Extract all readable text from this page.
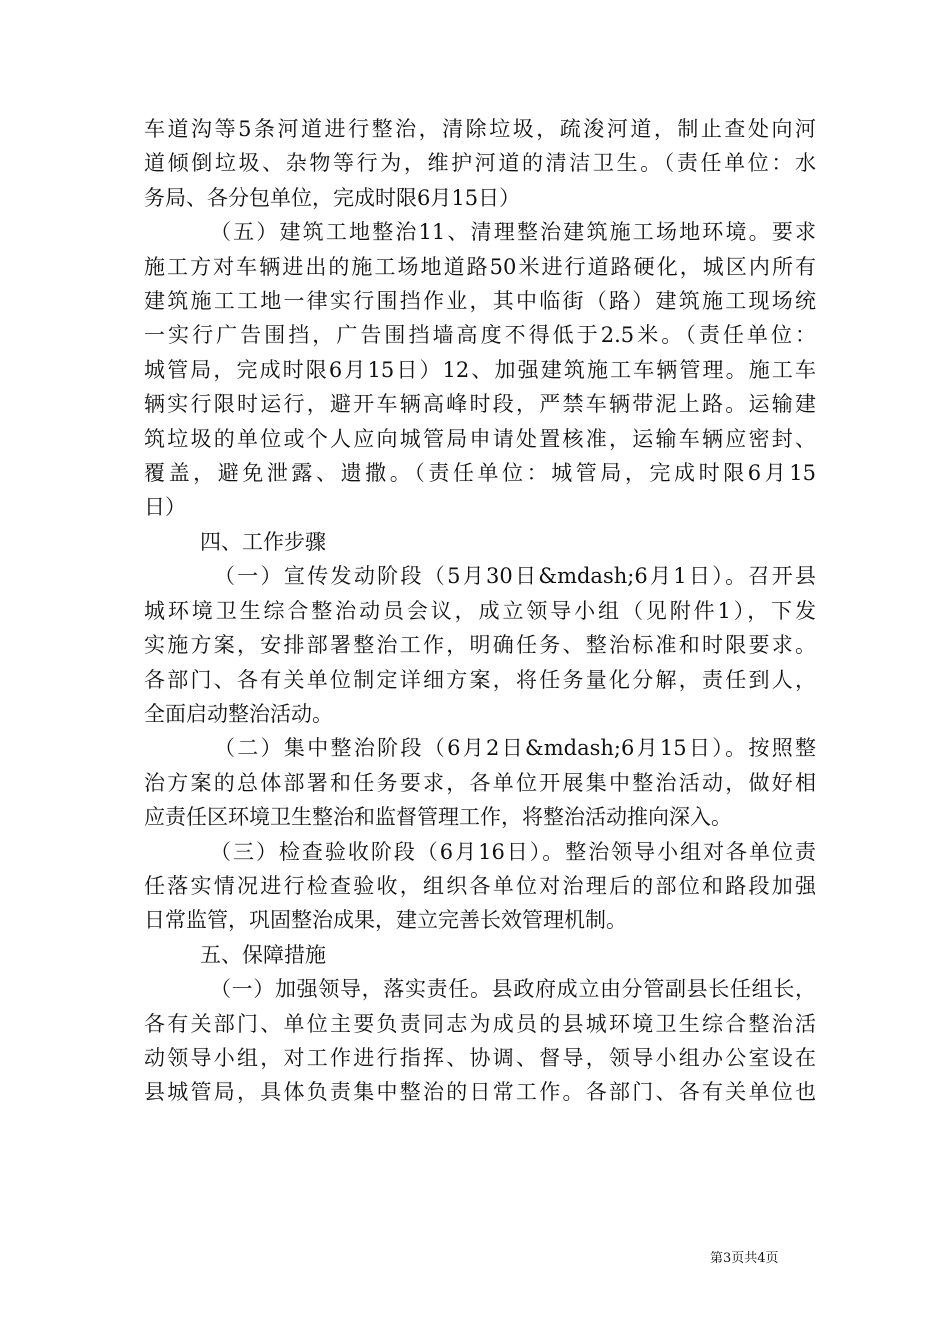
车道沟等5条河道进行整治，清除垃圾，疏浚河道，制止查处向河
道倾倒垃圾、杂物等行为，维护河道的清洁卫生。（责任单位：水
务局、各分包单位，完成时限6月15日）
（五）建筑工地整治11、清理整治建筑施工场地环境。要求
施工方对车辆进出的施工场地道路50米进行道路硬化，城区内所有
建筑施工工地一律实行围挡作业，其中临街（路）建筑施工现场统
一实行广告围挡，广告围挡墙高度不得低于2.5米。（责任单位：
城管局，完成时限6月15日）12、加强建筑施工车辆管理。施工车
辆实行限时运行，避开车辆高峰时段，严禁车辆带泥上路。运输建
筑垃圾的单位或个人应向城管局申请处置核准，运输车辆应密封、
覆盖，避免泄露、遗撒。（责任单位：城管局，完成时限6月15
日）
四、工作步骤
（一）宣传发动阶段（5月30日&mdash;6月1日）。召开县
城环境卫生综合整治动员会议，成立领导小组（见附件1），下发
实施方案，安排部署整治工作，明确任务、整治标准和时限要求。
各部门、各有关单位制定详细方案，将任务量化分解，责任到人，
全面启动整治活动。
（二）集中整治阶段（6月2日&mdash;6月15日）。按照整
治方案的总体部署和任务要求，各单位开展集中整治活动，做好相
应责任区环境卫生整治和监督管理工作，将整治活动推向深入。
（三）检查验收阶段（6月16日）。整治领导小组对各单位责
任落实情况进行检查验收，组织各单位对治理后的部位和路段加强
日常监管，巩固整治成果，建立完善长效管理机制。
五、保障措施
（一）加强领导，落实责任。县政府成立由分管副县长任组长，
各有关部门、单位主要负责同志为成员的县城环境卫生综合整治活
动领导小组，对工作进行指挥、协调、督导，领导小组办公室设在
县城管局，具体负责集中整治的日常工作。各部门、各有关单位也
第3页共4页
